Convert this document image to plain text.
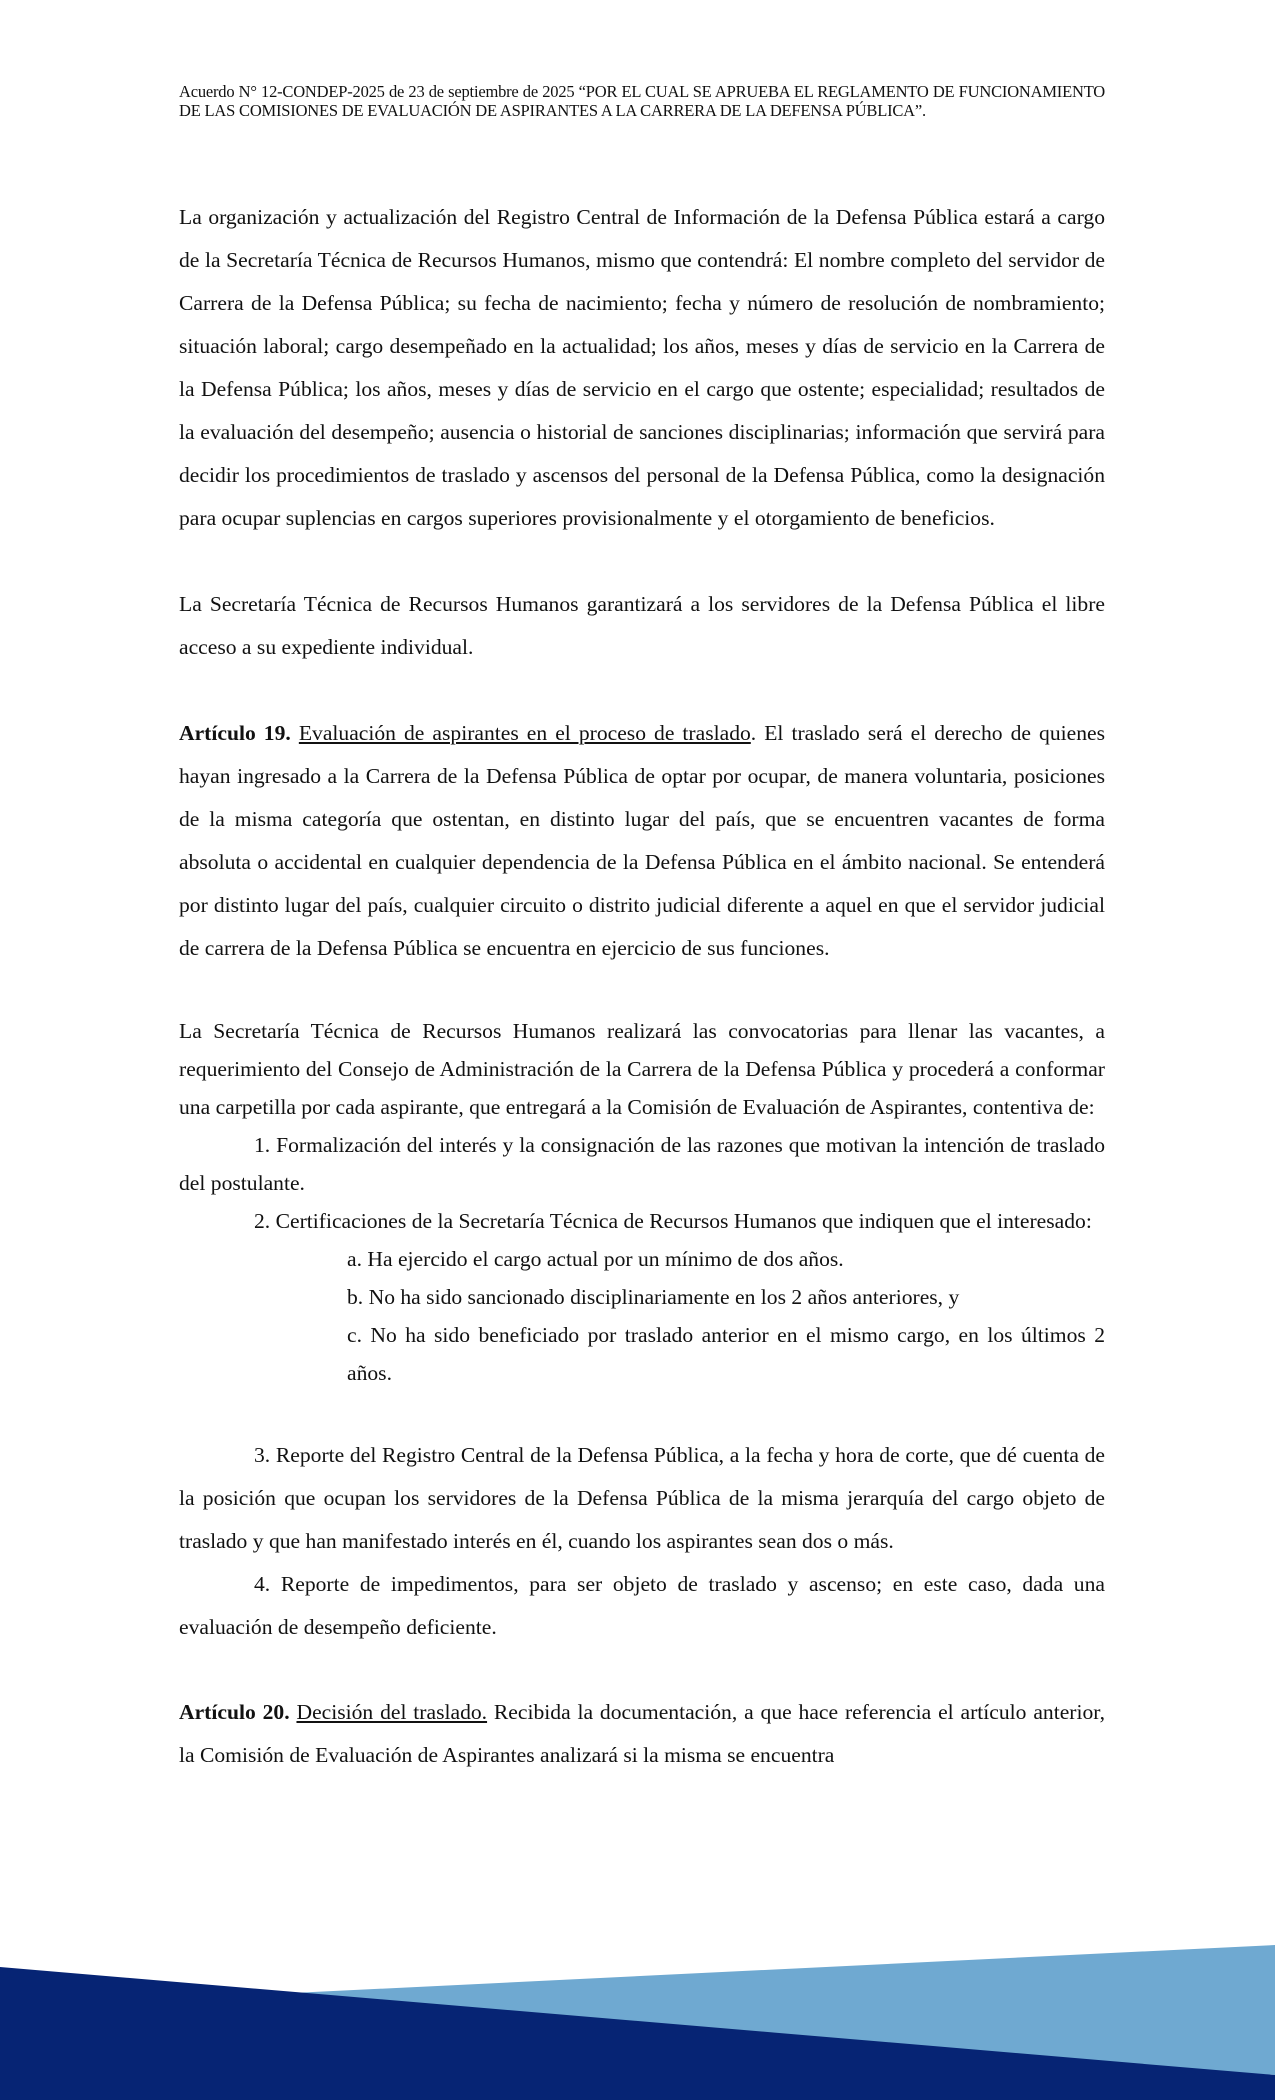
Acuerdo N° 12-CONDEP-2025 de 23 de septiembre de 2025 “POR EL CUAL SE APRUEBA EL REGLAMENTO DE FUNCIONAMIENTO DE LAS COMISIONES DE EVALUACIÓN DE ASPIRANTES A LA CARRERA DE LA DEFENSA PÚBLICA”.

La organización y actualización del Registro Central de Información de la Defensa Pública estará a cargo de la Secretaría Técnica de Recursos Humanos, mismo que contendrá: El nombre completo del servidor de Carrera de la Defensa Pública; su fecha de nacimiento; fecha y número de resolución de nombramiento; situación laboral; cargo desempeñado en la actualidad; los años, meses y días de servicio en la Carrera de la Defensa Pública; los años, meses y días de servicio en el cargo que ostente; especialidad; resultados de la evaluación del desempeño; ausencia o historial de sanciones disciplinarias; información que servirá para decidir los procedimientos de traslado y ascensos del personal de la Defensa Pública, como la designación para ocupar suplencias en cargos superiores provisionalmente y el otorgamiento de beneficios.

La Secretaría Técnica de Recursos Humanos garantizará a los servidores de la Defensa Pública el libre acceso a su expediente individual.

Artículo 19. Evaluación de aspirantes en el proceso de traslado. El traslado será el derecho de quienes hayan ingresado a la Carrera de la Defensa Pública de optar por ocupar, de manera voluntaria, posiciones de la misma categoría que ostentan, en distinto lugar del país, que se encuentren vacantes de forma absoluta o accidental en cualquier dependencia de la Defensa Pública en el ámbito nacional. Se entenderá por distinto lugar del país, cualquier circuito o distrito judicial diferente a aquel en que el servidor judicial de carrera de la Defensa Pública se encuentra en ejercicio de sus funciones.

La Secretaría Técnica de Recursos Humanos realizará las convocatorias para llenar las vacantes, a requerimiento del Consejo de Administración de la Carrera de la Defensa Pública y procederá a conformar una carpetilla por cada aspirante, que entregará a la Comisión de Evaluación de Aspirantes, contentiva de:

1. Formalización del interés y la consignación de las razones que motivan la intención de traslado del postulante.

2. Certificaciones de la Secretaría Técnica de Recursos Humanos que indiquen que el interesado:

a. Ha ejercido el cargo actual por un mínimo de dos años.

b. No ha sido sancionado disciplinariamente en los 2 años anteriores, y

c. No ha sido beneficiado por traslado anterior en el mismo cargo, en los últimos 2 años.

3. Reporte del Registro Central de la Defensa Pública, a la fecha y hora de corte, que dé cuenta de la posición que ocupan los servidores de la Defensa Pública de la misma jerarquía del cargo objeto de traslado y que han manifestado interés en él, cuando los aspirantes sean dos o más.

4. Reporte de impedimentos, para ser objeto de traslado y ascenso; en este caso, dada una evaluación de desempeño deficiente.

Artículo 20. Decisión del traslado. Recibida la documentación, a que hace referencia el artículo anterior, la Comisión de Evaluación de Aspirantes analizará si la misma se encuentra
